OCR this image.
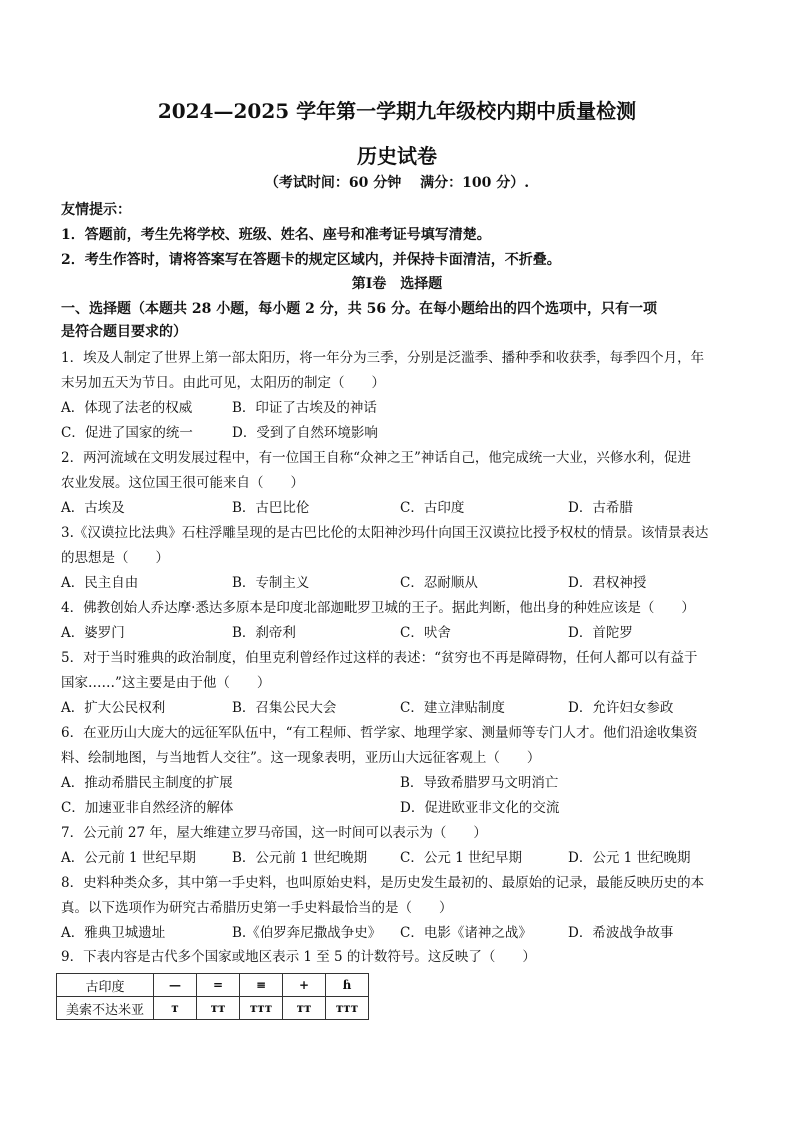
2024—2025 学年第一学期九年级校内期中质量检测
历史试卷
（考试时间：60 分钟　 满分：100 分）.
友情提示：
1．答题前，考生先将学校、班级、姓名、座号和准考证号填写清楚。
2．考生作答时，请将答案写在答题卡的规定区域内，并保持卡面清洁，不折叠。
第Ⅰ卷　选择题
一、选择题（本题共 28 小题，每小题 2 分，共 56 分。在每小题给出的四个选项中，只有一项
是符合题目要求的）
1．埃及人制定了世界上第一部太阳历，将一年分为三季，分别是泛滥季、播种季和收获季，每季四个月，年
末另加五天为节日。由此可见，太阳历的制定（　　）
A．体现了法老的权威	B．印证了古埃及的神话
C．促进了国家的统一	D．受到了自然环境影响
2．两河流域在文明发展过程中，有一位国王自称“众神之王”神话自己，他完成统一大业，兴修水利，促进
农业发展。这位国王很可能来自（　　）
A．古埃及	B．古巴比伦	C．古印度	D．古希腊
3.《汉谟拉比法典》石柱浮雕呈现的是古巴比伦的太阳神沙玛什向国王汉谟拉比授予权杖的情景。该情景表达
的思想是（　　）
A．民主自由	B．专制主义	C．忍耐顺从	D．君权神授
4．佛教创始人乔达摩·悉达多原本是印度北部迦毗罗卫城的王子。据此判断，他出身的种姓应该是（　　）
A．婆罗门	B．刹帝利	C．吠舍	D．首陀罗
5．对于当时雅典的政治制度，伯里克利曾经作过这样的表述：“贫穷也不再是障碍物，任何人都可以有益于
国家……”这主要是由于他（　　）
A．扩大公民权利	B．召集公民大会	C．建立津贴制度	D．允许妇女参政
6．在亚历山大庞大的远征军队伍中，“有工程师、哲学家、地理学家、测量师等专门人才。他们沿途收集资
料、绘制地图，与当地哲人交往”。这一现象表明，亚历山大远征客观上（　　）
A．推动希腊民主制度的扩展	B．导致希腊罗马文明消亡
C．加速亚非自然经济的解体	D．促进欧亚非文化的交流
7．公元前 27 年，屋大维建立罗马帝国，这一时间可以表示为（　　）
A．公元前 1 世纪早期	B．公元前 1 世纪晚期 C．公元 1 世纪早期	D．公元 1 世纪晚期
8．史料种类众多，其中第一手史料，也叫原始史料，是历史发生最初的、最原始的记录，最能反映历史的本
真。以下选项作为研究古希腊历史第一手史料最恰当的是（　　）
A．雅典卫城遗址	B.《伯罗奔尼撒战争史》 C．电影《诸神之战》	D．希波战争故事
9．下表内容是古代多个国家或地区表示 1 至 5 的计数符号。这反映了（　　）
古印度	—	=	≡	+	ɦ
美索不达米亚	ᴛ	ᴛᴛ	ᴛᴛᴛ	ᴛᴛ	ᴛᴛᴛ
